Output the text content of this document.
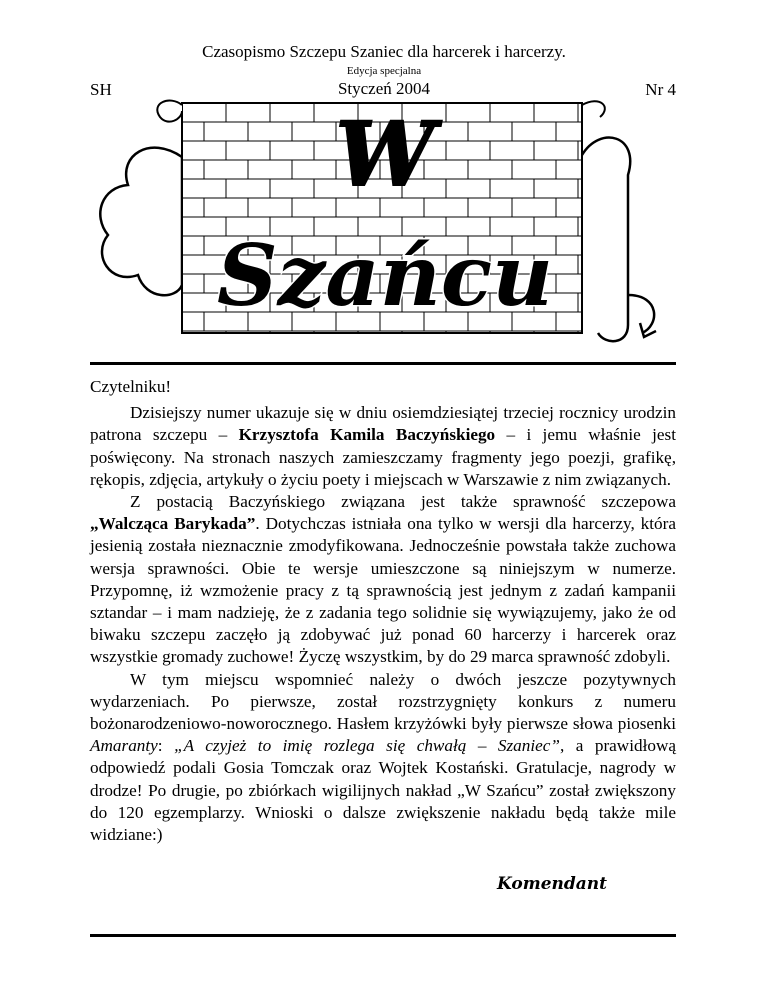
Czasopismo Szczepu Szaniec dla harcerek i harcerzy.
Edycja specjalna
SH	Styczeń 2004	Nr 4
W
Szańcu

Czytelniku!

Dzisiejszy numer ukazuje się w dniu osiemdziesiątej trzeciej rocznicy urodzin patrona szczepu – Krzysztofa Kamila Baczyńskiego – i jemu właśnie jest poświęcony. Na stronach naszych zamieszczamy fragmenty jego poezji, grafikę, rękopis, zdjęcia, artykuły o życiu poety i miejscach w Warszawie z nim związanych.

Z postacią Baczyńskiego związana jest także sprawność szczepowa „Walcząca Barykada”. Dotychczas istniała ona tylko w wersji dla harcerzy, która jesienią została nieznacznie zmodyfikowana. Jednocześnie powstała także zuchowa wersja sprawności. Obie te wersje umieszczone są niniejszym w numerze. Przypomnę, iż wzmożenie pracy z tą sprawnością jest jednym z zadań kampanii sztandar – i mam nadzieję, że z zadania tego solidnie się wywiązujemy, jako że od biwaku szczepu zaczęło ją zdobywać już ponad 60 harcerzy i harcerek oraz wszystkie gromady zuchowe! Życzę wszystkim, by do 29 marca sprawność zdobyli.

W tym miejscu wspomnieć należy o dwóch jeszcze pozytywnych wydarzeniach. Po pierwsze, został rozstrzygnięty konkurs z numeru bożonarodzeniowo-noworocznego. Hasłem krzyżówki były pierwsze słowa piosenki Amaranty: „A czyjeż to imię rozlega się chwałą – Szaniec”, a prawidłową odpowiedź podali Gosia Tomczak oraz Wojtek Kostański. Gratulacje, nagrody w drodze! Po drugie, po zbiórkach wigilijnych nakład „W Szańcu” został zwiększony do 120 egzemplarzy. Wnioski o dalsze zwiększenie nakładu będą także mile widziane:)

Komendant
